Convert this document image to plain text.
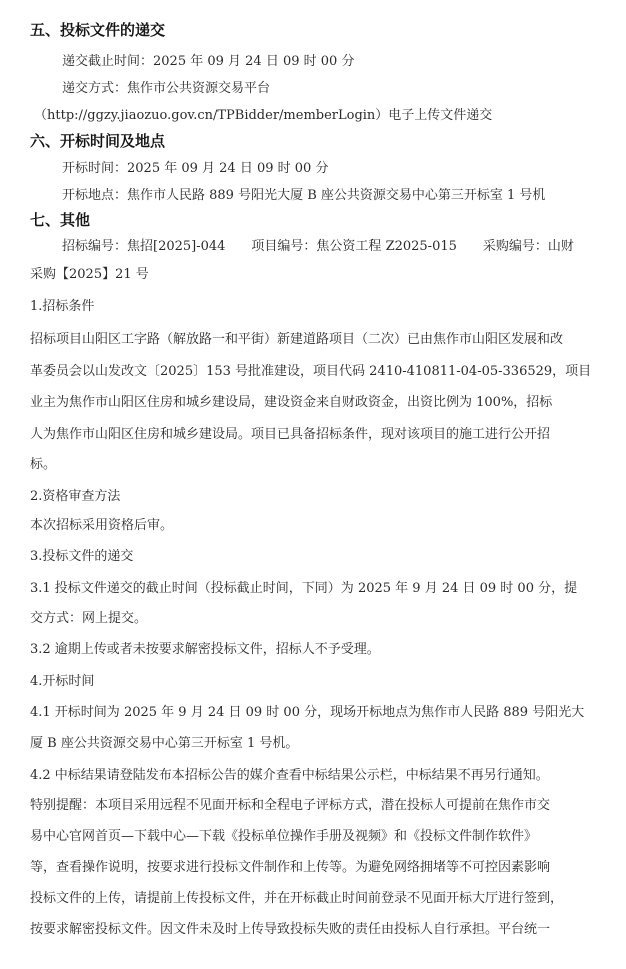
五、投标文件的递交
递交截止时间：2025 年 09 月 24 日 09 时 00 分
递交方式：焦作市公共资源交易平台
（http://ggzy.jiaozuo.gov.cn/TPBidder/memberLogin）电子上传文件递交
六、开标时间及地点
开标时间：2025 年 09 月 24 日 09 时 00 分
开标地点：焦作市人民路 889 号阳光大厦 B 座公共资源交易中心第三开标室 1 号机
七、其他
招标编号：焦招[2025]-044　　项目编号：焦公资工程 Z2025-015　　采购编号：山财
采购【2025】21 号
1.招标条件
招标项目山阳区工字路（解放路一和平街）新建道路项目（二次）已由焦作市山阳区发展和改
革委员会以山发改文〔2025〕153 号批准建设，项目代码 2410-410811-04-05-336529，项目
业主为焦作市山阳区住房和城乡建设局，建设资金来自财政资金，出资比例为 100%，招标
人为焦作市山阳区住房和城乡建设局。项目已具备招标条件，现对该项目的施工进行公开招
标。
2.资格审查方法
本次招标采用资格后审。
3.投标文件的递交
3.1 投标文件递交的截止时间（投标截止时间，下同）为 2025 年 9 月 24 日 09 时 00 分，提
交方式：网上提交。
3.2 逾期上传或者未按要求解密投标文件，招标人不予受理。
4.开标时间
4.1 开标时间为 2025 年 9 月 24 日 09 时 00 分，现场开标地点为焦作市人民路 889 号阳光大
厦 B 座公共资源交易中心第三开标室 1 号机。
4.2 中标结果请登陆发布本招标公告的媒介查看中标结果公示栏，中标结果不再另行通知。
特别提醒：本项目采用远程不见面开标和全程电子评标方式，潜在投标人可提前在焦作市交
易中心官网首页—下载中心—下载《投标单位操作手册及视频》和《投标文件制作软件》
等，查看操作说明，按要求进行投标文件制作和上传等。为避免网络拥堵等不可控因素影响
投标文件的上传，请提前上传投标文件，并在开标截止时间前登录不见面开标大厅进行签到，
按要求解密投标文件。因文件未及时上传导致投标失败的责任由投标人自行承担。平台统一
